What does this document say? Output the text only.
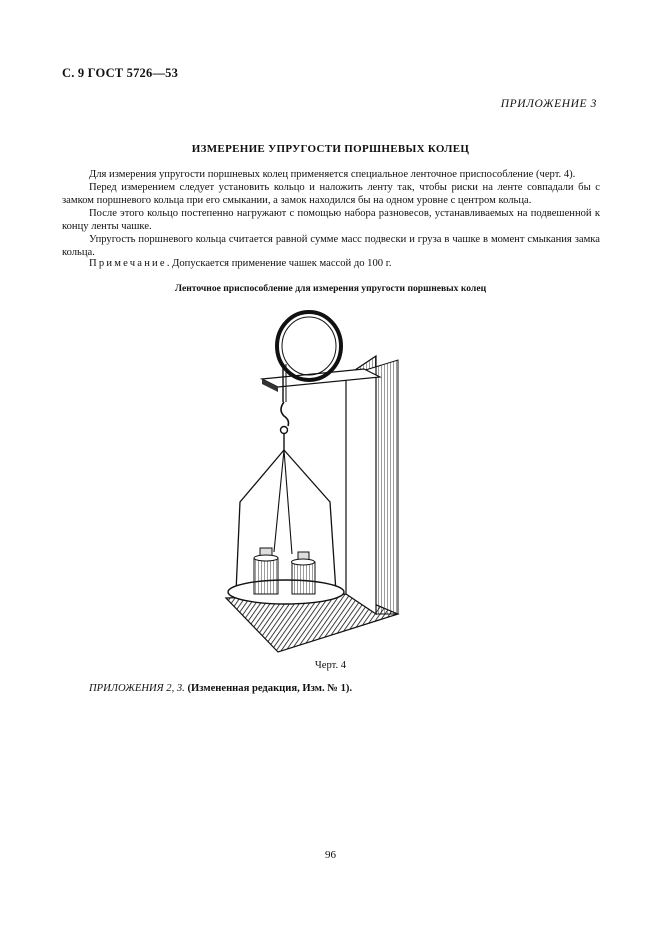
С. 9 ГОСТ 5726—53
ПРИЛОЖЕНИЕ 3
ИЗМЕРЕНИЕ УПРУГОСТИ ПОРШНЕВЫХ КОЛЕЦ

Для измерения упругости поршневых колец применяется специальное ленточное приспособление (черт. 4).

Перед измерением следует установить кольцо и наложить ленту так, чтобы риски на ленте совпадали бы с замком поршневого кольца при его смыкании, а замок находился бы на одном уровне с центром кольца.

После этого кольцо постепенно нагружают с помощью набора разновесов, устанавливаемых на подвешенной к концу ленты чашке.

Упругость поршневого кольца считается равной сумме масс подвески и груза в чашке в момент смыкания замка кольца.

Примечание. Допускается применение чашек массой до 100 г.
Ленточное приспособление для измерения упругости поршневых колец
Черт. 4
ПРИЛОЖЕНИЯ 2, 3. (Измененная редакция, Изм. № 1).
96
